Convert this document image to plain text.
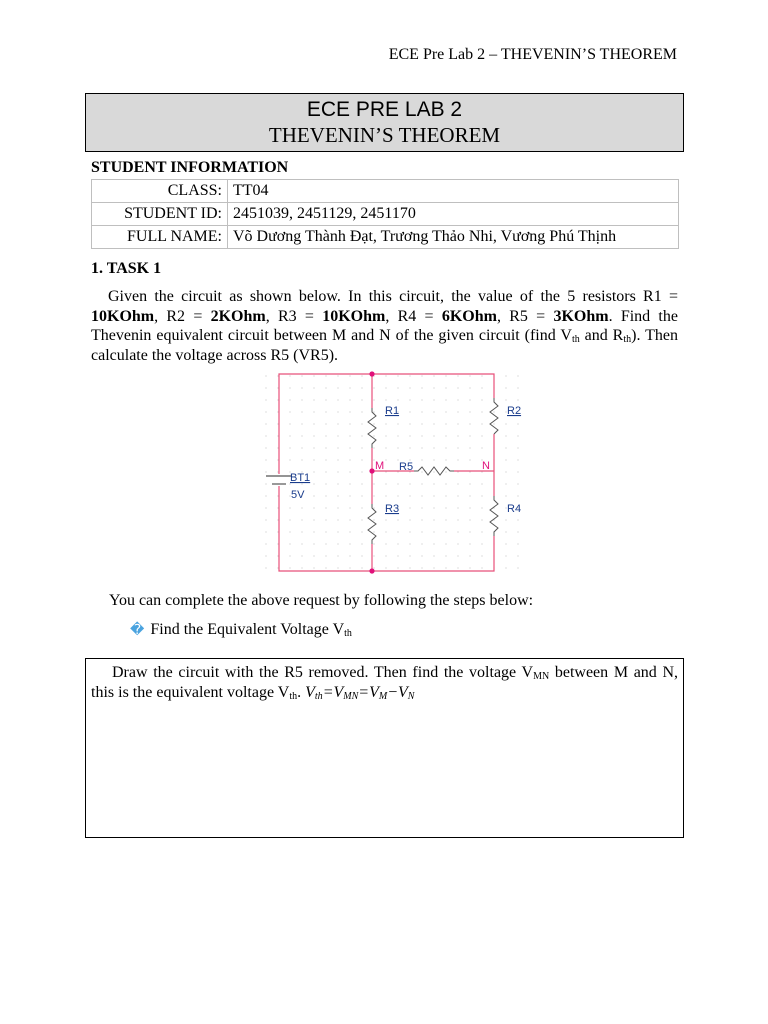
ECE Pre Lab 2 – THEVENIN’S THEOREM
ECE PRE LAB 2
THEVENIN’S THEOREM
STUDENT INFORMATION
CLASS:	TT04
STUDENT ID:	2451039, 2451129, 2451170
FULL NAME:	Võ Dương Thành Đạt, Trương Thảo Nhi, Vương Phú Thịnh
1. TASK 1
Given the circuit as shown below. In this circuit, the value of the 5 resistors R1 = 10KOhm, R2 = 2KOhm, R3 = 10KOhm, R4 = 6KOhm, R5 = 3KOhm. Find the Thevenin equivalent circuit between M and N of the given circuit (find $V_{th}$ and $R_{th}$). Then calculate the voltage across R5 (VR5).
R1	R2
R3	R4
R5
M	N
BT1
5V
You can complete the above request by following the steps below:
� Find the Equivalent Voltage $V_{th}$
Draw the circuit with the R5 removed. Then find the voltage $V_{MN}$ between M and N, this is the equivalent voltage $V_{th}$. $V_{th}=V_{MN}=V_M-V_N$
